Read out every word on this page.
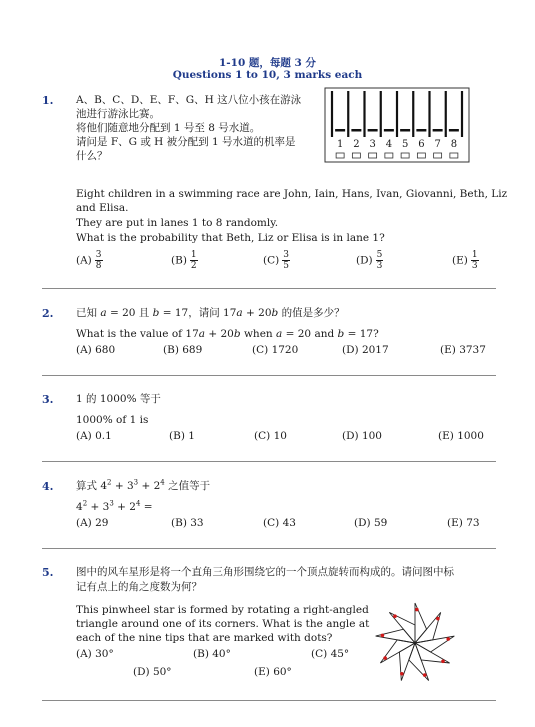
1-10 题，每题 3 分
Questions 1 to 10, 3 marks each
1. A、B、C、D、E、F、G、H 这八位小孩在游泳
池进行游泳比赛。
将他们随意地分配到 1 号至 8 号水道。
请问是 F、G 或 H 被分配到 1 号水道的机率是
什么？
1 2 3 4 5 6 7 8
Eight children in a swimming race are John, Iain, Hans, Ivan, Giovanni, Beth, Liz
and Elisa.
They are put in lanes 1 to 8 randomly.
What is the probability that Beth, Liz or Elisa is in lane 1?
$(A) \frac{3}{8}$	$(B) \frac{1}{2}$	$(C) \frac{3}{5}$	$(D) \frac{5}{3}$	$(E) \frac{1}{3}$
2. 已知 a = 20 且 b = 17，请问 17a + 20b 的值是多少？
What is the value of 17a + 20b when a = 20 and b = 17?
(A) 680	(B) 689	(C) 1720	(D) 2017	(E) 3737
3. 1 的 1000% 等于
1000% of 1 is
(A) 0.1	(B) 1	(C) 10	(D) 100	(E) 1000
4. 算式 $4^2 + 3^3 + 2^4$ 之值等于
$4^2 + 3^3 + 2^4$ =
(A) 29	(B) 33	(C) 43	(D) 59	(E) 73
5. 图中的风车星形是将一个直角三角形围绕它的一个顶点旋转而构成的。请问图中标
记有点上的角之度数为何？
This pinwheel star is formed by rotating a right-angled
triangle around one of its corners. What is the angle at
each of the nine tips that are marked with dots?
(A) 30°	(B) 40°	(C) 45°
(D) 50°	(E) 60°
